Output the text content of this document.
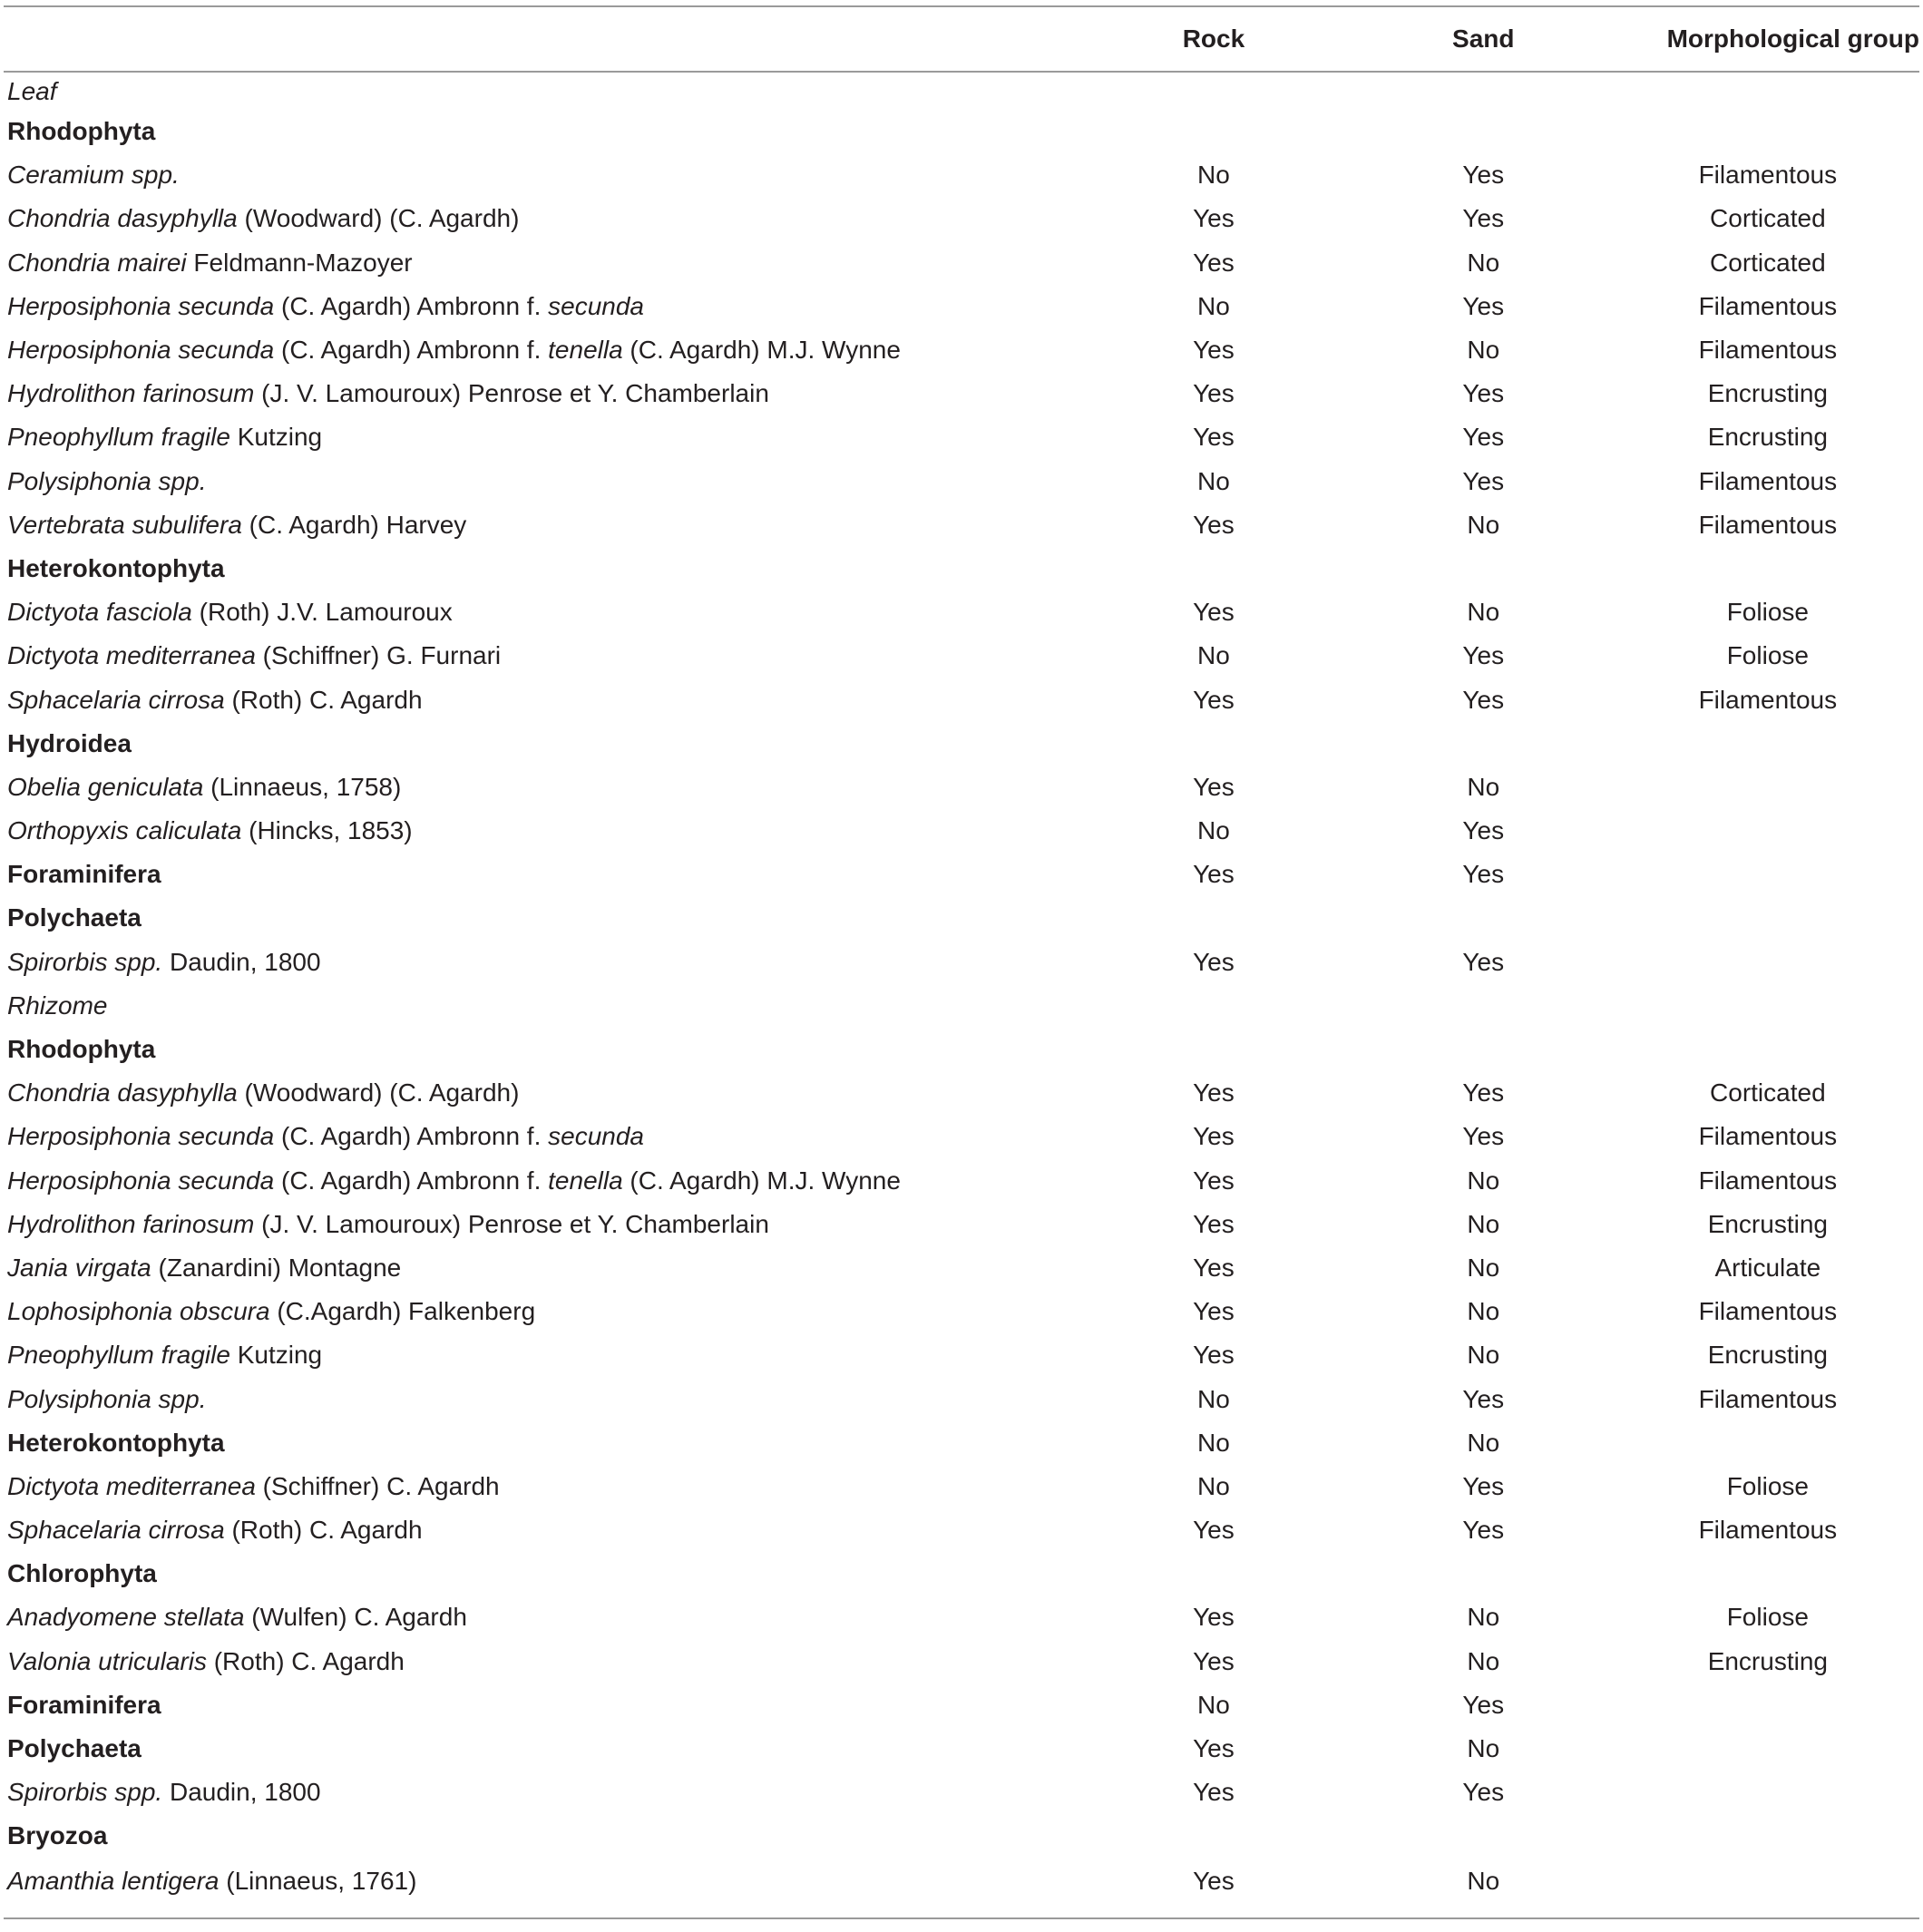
	Rock	Sand	Morphological group
Leaf			
Rhodophyta			
Ceramium spp.	No	Yes	Filamentous
Chondria dasyphylla (Woodward) (C. Agardh)	Yes	Yes	Corticated
Chondria mairei Feldmann-Mazoyer	Yes	No	Corticated
Herposiphonia secunda (C. Agardh) Ambronn f. secunda	No	Yes	Filamentous
Herposiphonia secunda (C. Agardh) Ambronn f. tenella (C. Agardh) M.J. Wynne	Yes	No	Filamentous
Hydrolithon farinosum (J. V. Lamouroux) Penrose et Y. Chamberlain	Yes	Yes	Encrusting
Pneophyllum fragile Kutzing	Yes	Yes	Encrusting
Polysiphonia spp.	No	Yes	Filamentous
Vertebrata subulifera (C. Agardh) Harvey	Yes	No	Filamentous
Heterokontophyta			
Dictyota fasciola (Roth) J.V. Lamouroux	Yes	No	Foliose
Dictyota mediterranea (Schiffner) G. Furnari	No	Yes	Foliose
Sphacelaria cirrosa (Roth) C. Agardh	Yes	Yes	Filamentous
Hydroidea			
Obelia geniculata (Linnaeus, 1758)	Yes	No	
Orthopyxis caliculata (Hincks, 1853)	No	Yes	
Foraminifera	Yes	Yes	
Polychaeta			
Spirorbis spp. Daudin, 1800	Yes	Yes	
Rhizome			
Rhodophyta			
Chondria dasyphylla (Woodward) (C. Agardh)	Yes	Yes	Corticated
Herposiphonia secunda (C. Agardh) Ambronn f. secunda	Yes	Yes	Filamentous
Herposiphonia secunda (C. Agardh) Ambronn f. tenella (C. Agardh) M.J. Wynne	Yes	No	Filamentous
Hydrolithon farinosum (J. V. Lamouroux) Penrose et Y. Chamberlain	Yes	No	Encrusting
Jania virgata (Zanardini) Montagne	Yes	No	Articulate
Lophosiphonia obscura (C.Agardh) Falkenberg	Yes	No	Filamentous
Pneophyllum fragile Kutzing	Yes	No	Encrusting
Polysiphonia spp.	No	Yes	Filamentous
Heterokontophyta	No	No	
Dictyota mediterranea (Schiffner) C. Agardh	No	Yes	Foliose
Sphacelaria cirrosa (Roth) C. Agardh	Yes	Yes	Filamentous
Chlorophyta			
Anadyomene stellata (Wulfen) C. Agardh	Yes	No	Foliose
Valonia utricularis (Roth) C. Agardh	Yes	No	Encrusting
Foraminifera	No	Yes	
Polychaeta	Yes	No	
Spirorbis spp. Daudin, 1800	Yes	Yes	
Bryozoa			
Amanthia lentigera (Linnaeus, 1761)	Yes	No	
